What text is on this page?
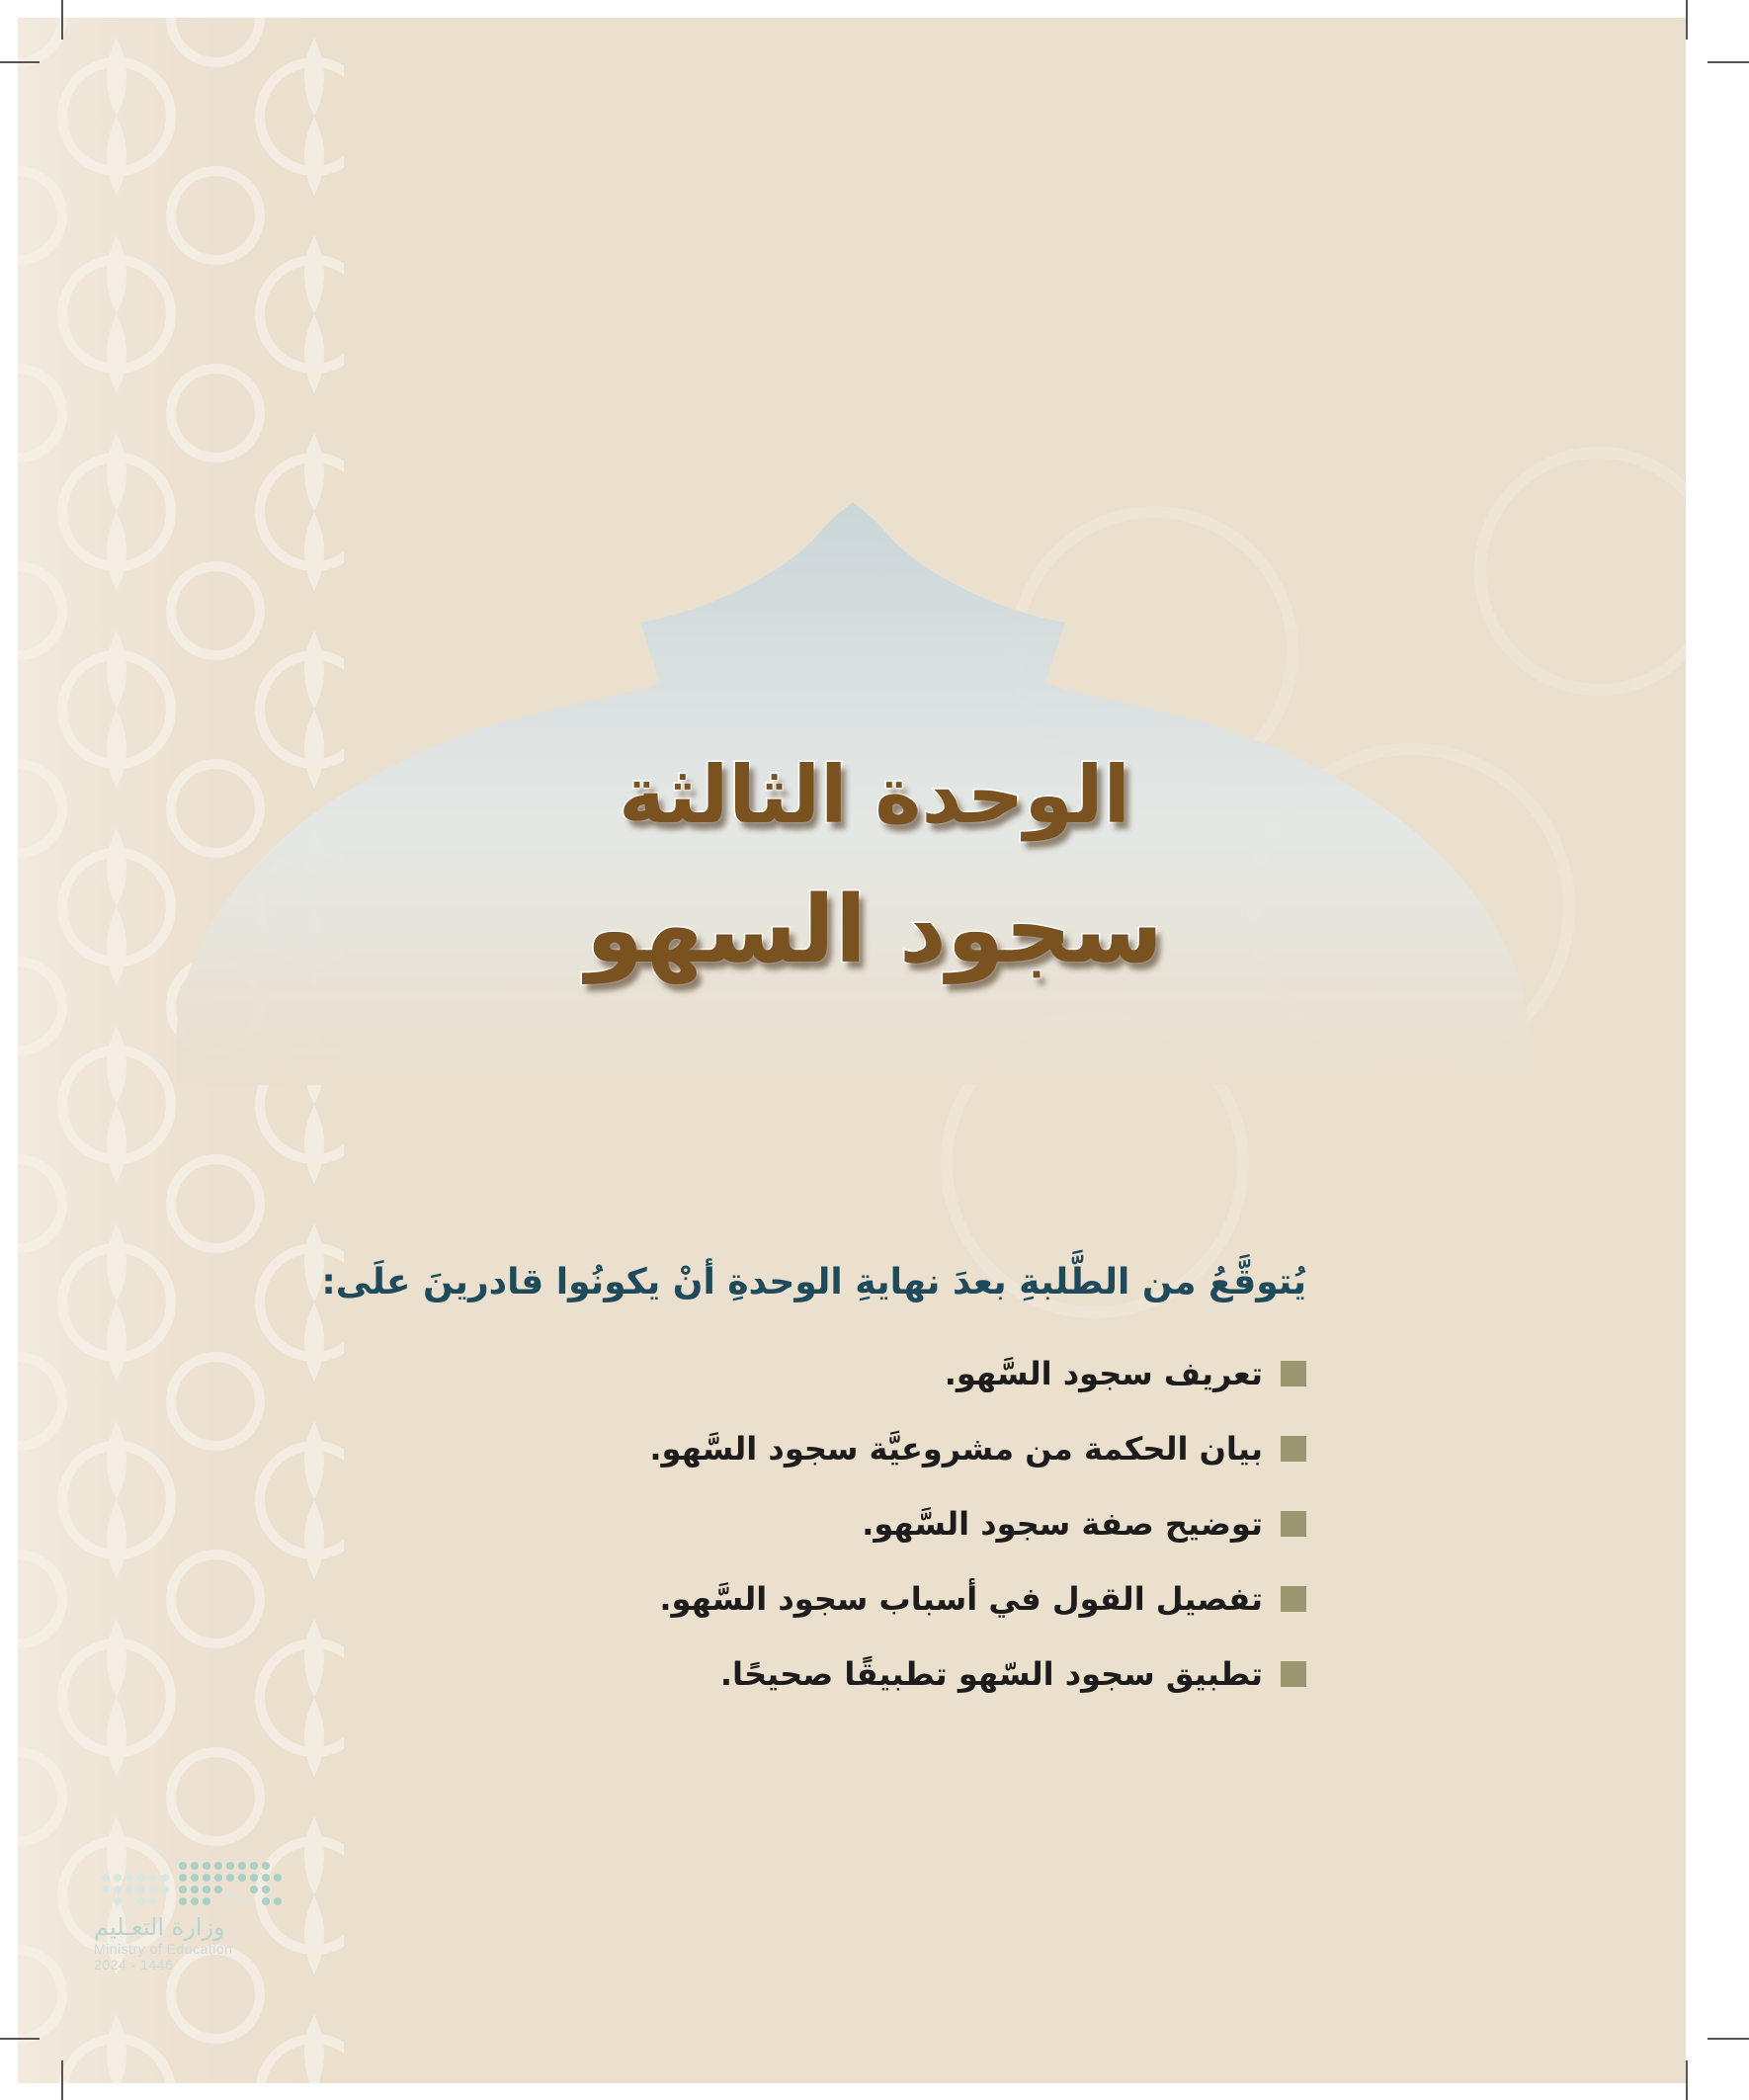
الوحدة الثالثة
سجود السهو

يُتوقَّعُ من الطَّلبةِ بعدَ نهايةِ الوحدةِ أنْ يكونُوا قادرينَ علَى:

تعريف سجود السَّهو.
بيان الحكمة من مشروعيَّة سجود السَّهو.
توضيح صفة سجود السَّهو.
تفصيل القول في أسباب سجود السَّهو.
تطبيق سجود السّهو تطبيقًا صحيحًا.
وزارة التعـليم
Ministry of Education
2024 - 1446
